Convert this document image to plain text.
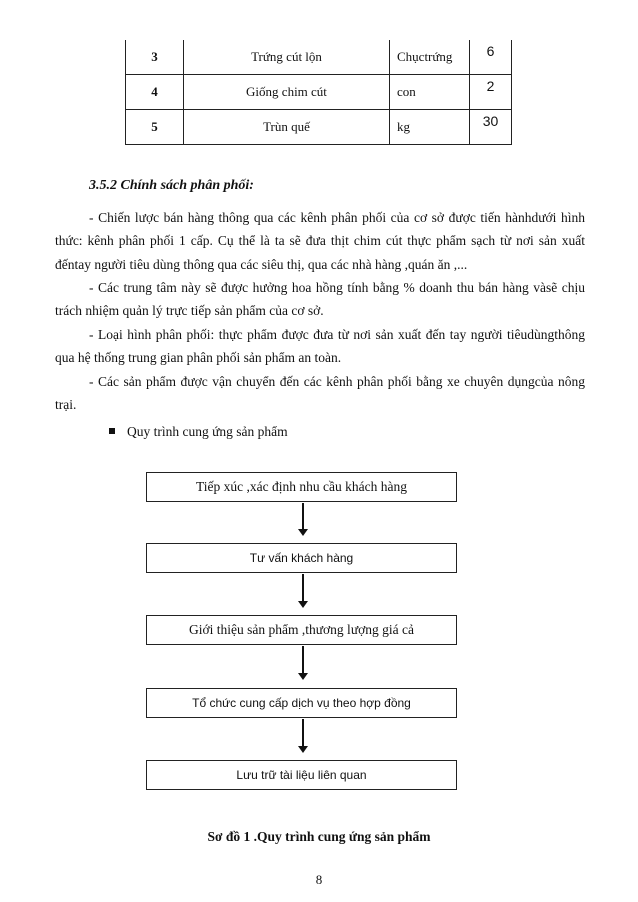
3	Trứng cút lộn	Chụctrứng	6
4	Giống chim cút	con	2
5	Trùn quế	kg	30
3.5.2 Chính sách phân phối:

- Chiến lược bán hàng thông qua các kênh phân phối của cơ sở được tiến hànhdưới hình thức: kênh phân phối 1 cấp. Cụ thể là ta sẽ đưa thịt chim cút thực phẩm sạch từ nơi sản xuất đếntay người tiêu dùng thông qua các siêu thị, qua các nhà hàng ,quán ăn ,...

- Các trung tâm này sẽ được hưởng hoa hồng tính bằng % doanh thu bán hàng vàsẽ chịu trách nhiệm quản lý trực tiếp sản phẩm của cơ sở.

- Loại hình phân phối: thực phẩm được đưa từ nơi sản xuất đến tay người tiêudùngthông qua hệ thống trung gian phân phối sản phẩm an toàn.

- Các sản phẩm được vận chuyển đến các kênh phân phối bằng xe chuyên dụngcủa nông trại.

Quy trình cung ứng sản phẩm
Tiếp xúc ,xác định nhu cầu khách hàng
Tư vấn khách hàng
Giới thiệu sản phẩm ,thương lượng giá cả
Tổ chức cung cấp dịch vụ theo hợp đồng
Lưu trữ tài liệu liên quan
Sơ đồ 1 .Quy trình cung ứng sản phẩm
8
